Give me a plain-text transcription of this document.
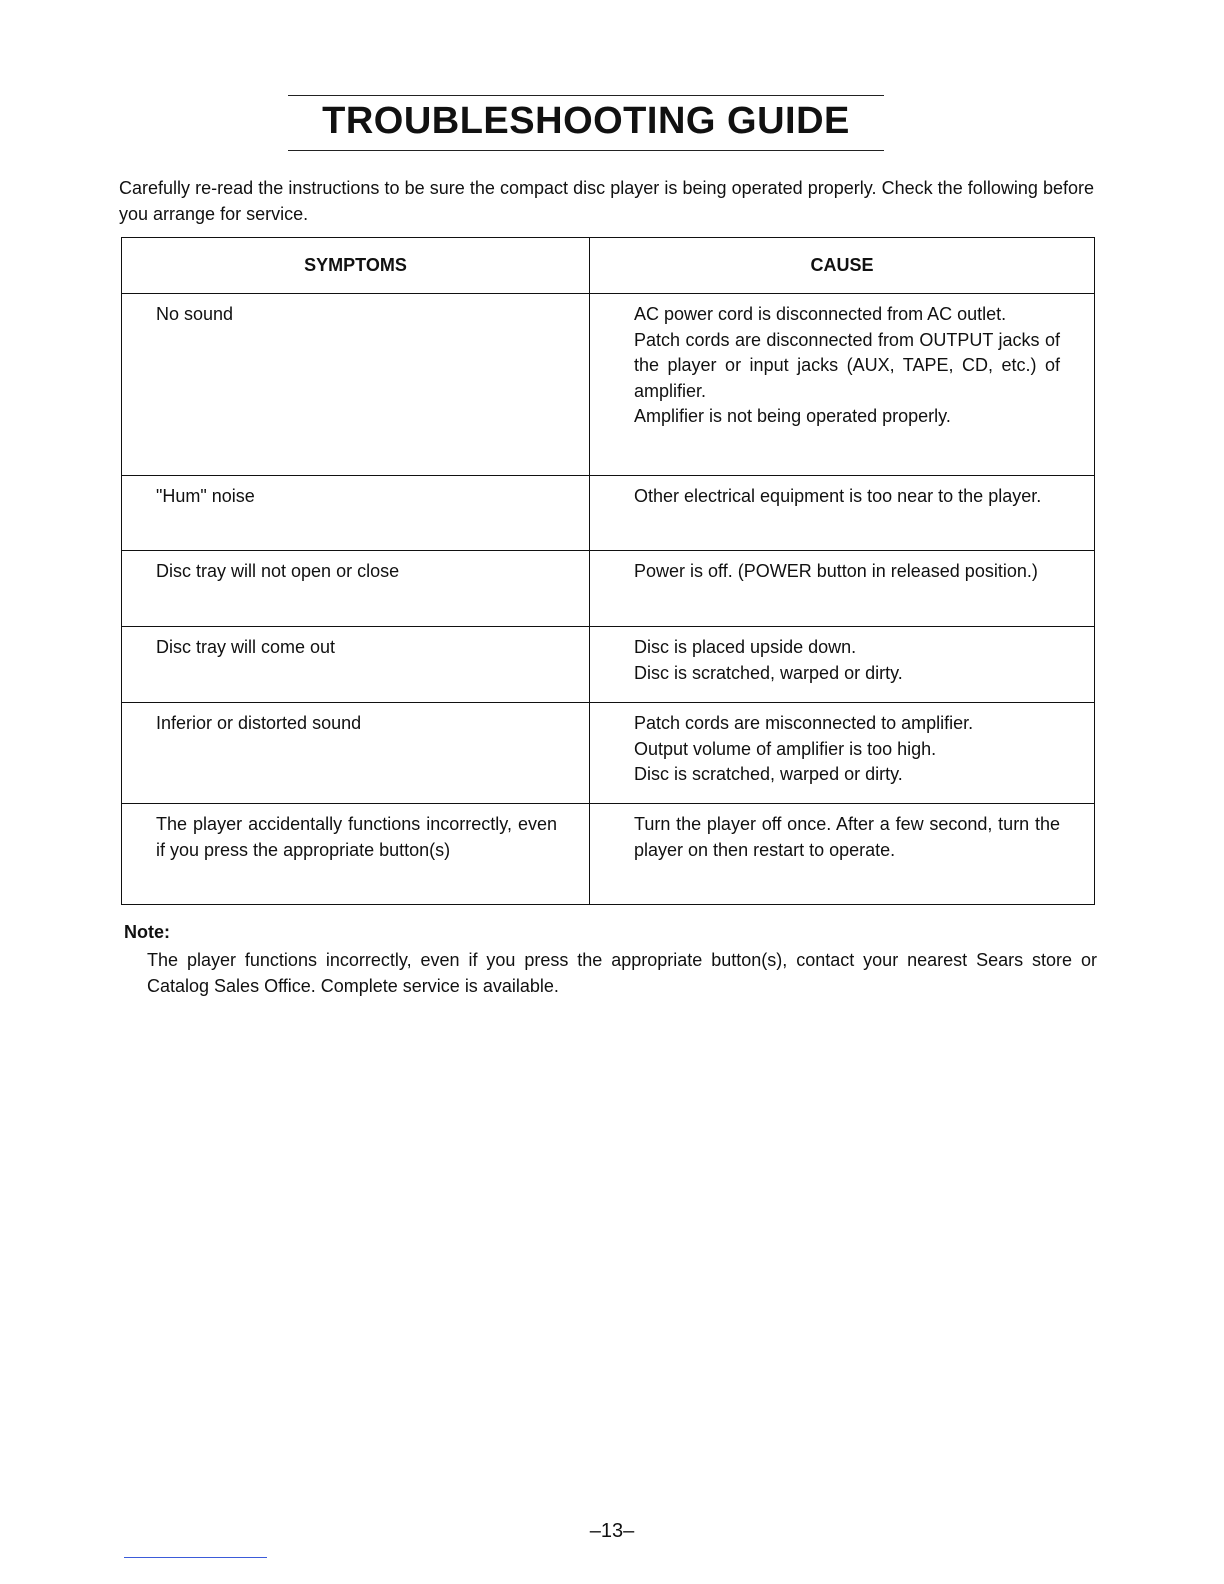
TROUBLESHOOTING GUIDE
Carefully re-read the instructions to be sure the compact disc player is being operated properly. Check the following before you arrange for service.
SYMPTOMS	CAUSE
No sound	AC power cord is disconnected from AC outlet.
Patch cords are disconnected from OUTPUT jacks of the player or input jacks (AUX, TAPE, CD, etc.) of amplifier.
Amplifier is not being operated properly.

"Hum" noise	Other electrical equipment is too near to the player.

Disc tray will not open or close	Power is off. (POWER button in released position.)

Disc tray will come out	Disc is placed upside down.
Disc is scratched, warped or dirty.

Inferior or distorted sound	Patch cords are misconnected to amplifier.
Output volume of amplifier is too high.
Disc is scratched, warped or dirty.

The player accidentally functions incorrectly, even if you press the appropriate button(s)	Turn the player off once. After a few second, turn the player on then restart to operate.
Note:
The player functions incorrectly, even if you press the appropriate button(s), contact your nearest Sears store or Catalog Sales Office. Complete service is available.
–13–
